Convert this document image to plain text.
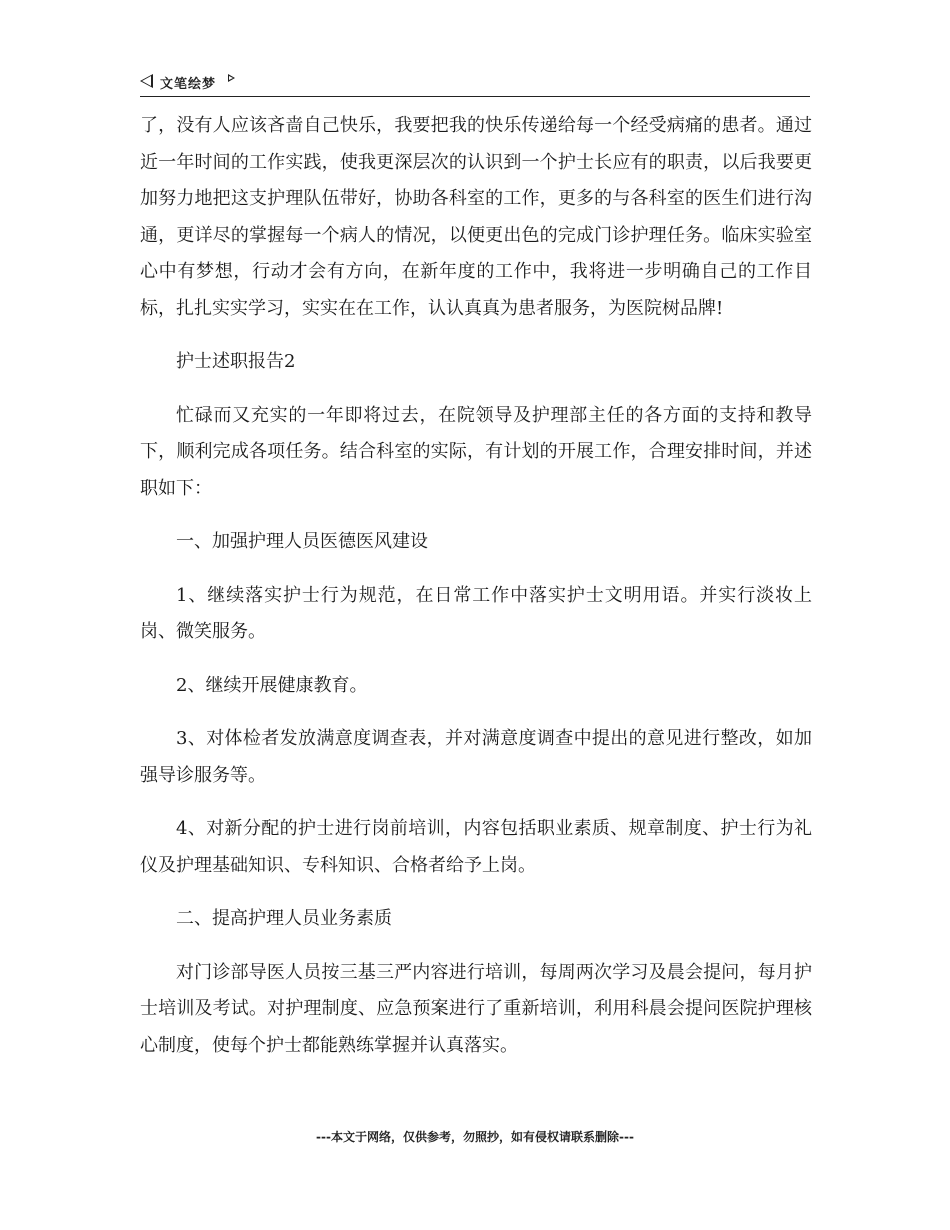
文笔绘梦

了，没有人应该吝啬自己快乐，我要把我的快乐传递给每一个经受病痛的患者。通过近一年时间的工作实践，使我更深层次的认识到一个护士长应有的职责，以后我要更加努力地把这支护理队伍带好，协助各科室的工作，更多的与各科室的医生们进行沟通，更详尽的掌握每一个病人的情况，以便更出色的完成门诊护理任务。临床实验室心中有梦想，行动才会有方向，在新年度的工作中，我将进一步明确自己的工作目标，扎扎实实学习，实实在在工作，认认真真为患者服务，为医院树品牌!

护士述职报告2

忙碌而又充实的一年即将过去，在院领导及护理部主任的各方面的支持和教导下，顺利完成各项任务。结合科室的实际，有计划的开展工作，合理安排时间，并述职如下：

一、加强护理人员医德医风建设

1、继续落实护士行为规范，在日常工作中落实护士文明用语。并实行淡妆上岗、微笑服务。

2、继续开展健康教育。

3、对体检者发放满意度调查表，并对满意度调查中提出的意见进行整改，如加强导诊服务等。

4、对新分配的护士进行岗前培训，内容包括职业素质、规章制度、护士行为礼仪及护理基础知识、专科知识、合格者给予上岗。

二、提高护理人员业务素质

对门诊部导医人员按三基三严内容进行培训，每周两次学习及晨会提问，每月护士培训及考试。对护理制度、应急预案进行了重新培训，利用科晨会提问医院护理核心制度，使每个护士都能熟练掌握并认真落实。

---本文于网络，仅供参考，勿照抄，如有侵权请联系删除---
